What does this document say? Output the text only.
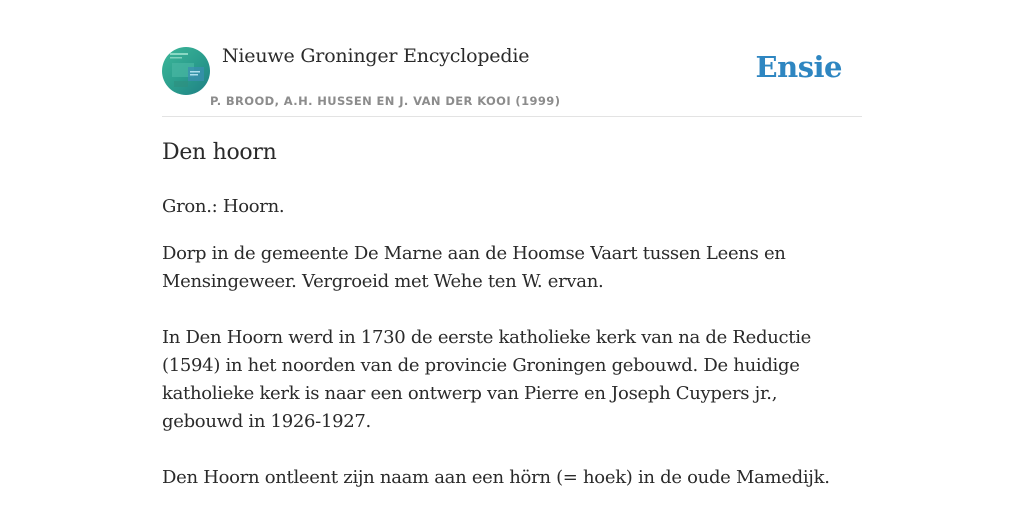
Nieuwe Groninger Encyclopedie
P. BROOD, A.H. HUSSEN EN J. VAN DER KOOI (1999)
Ensie
Den hoorn

Gron.: Hoorn.

Dorp in de gemeente De Marne aan de Hoomse Vaart tussen Leens en Mensingeweer. Vergroeid met Wehe ten W. ervan.

In Den Hoorn werd in 1730 de eerste katholieke kerk van na de Reductie (1594) in het noorden van de provincie Groningen gebouwd. De huidige katholieke kerk is naar een ontwerp van Pierre en Joseph Cuypers jr., gebouwd in 1926-1927.

Den Hoorn ontleent zijn naam aan een hörn (= hoek) in de oude Mamedijk.
